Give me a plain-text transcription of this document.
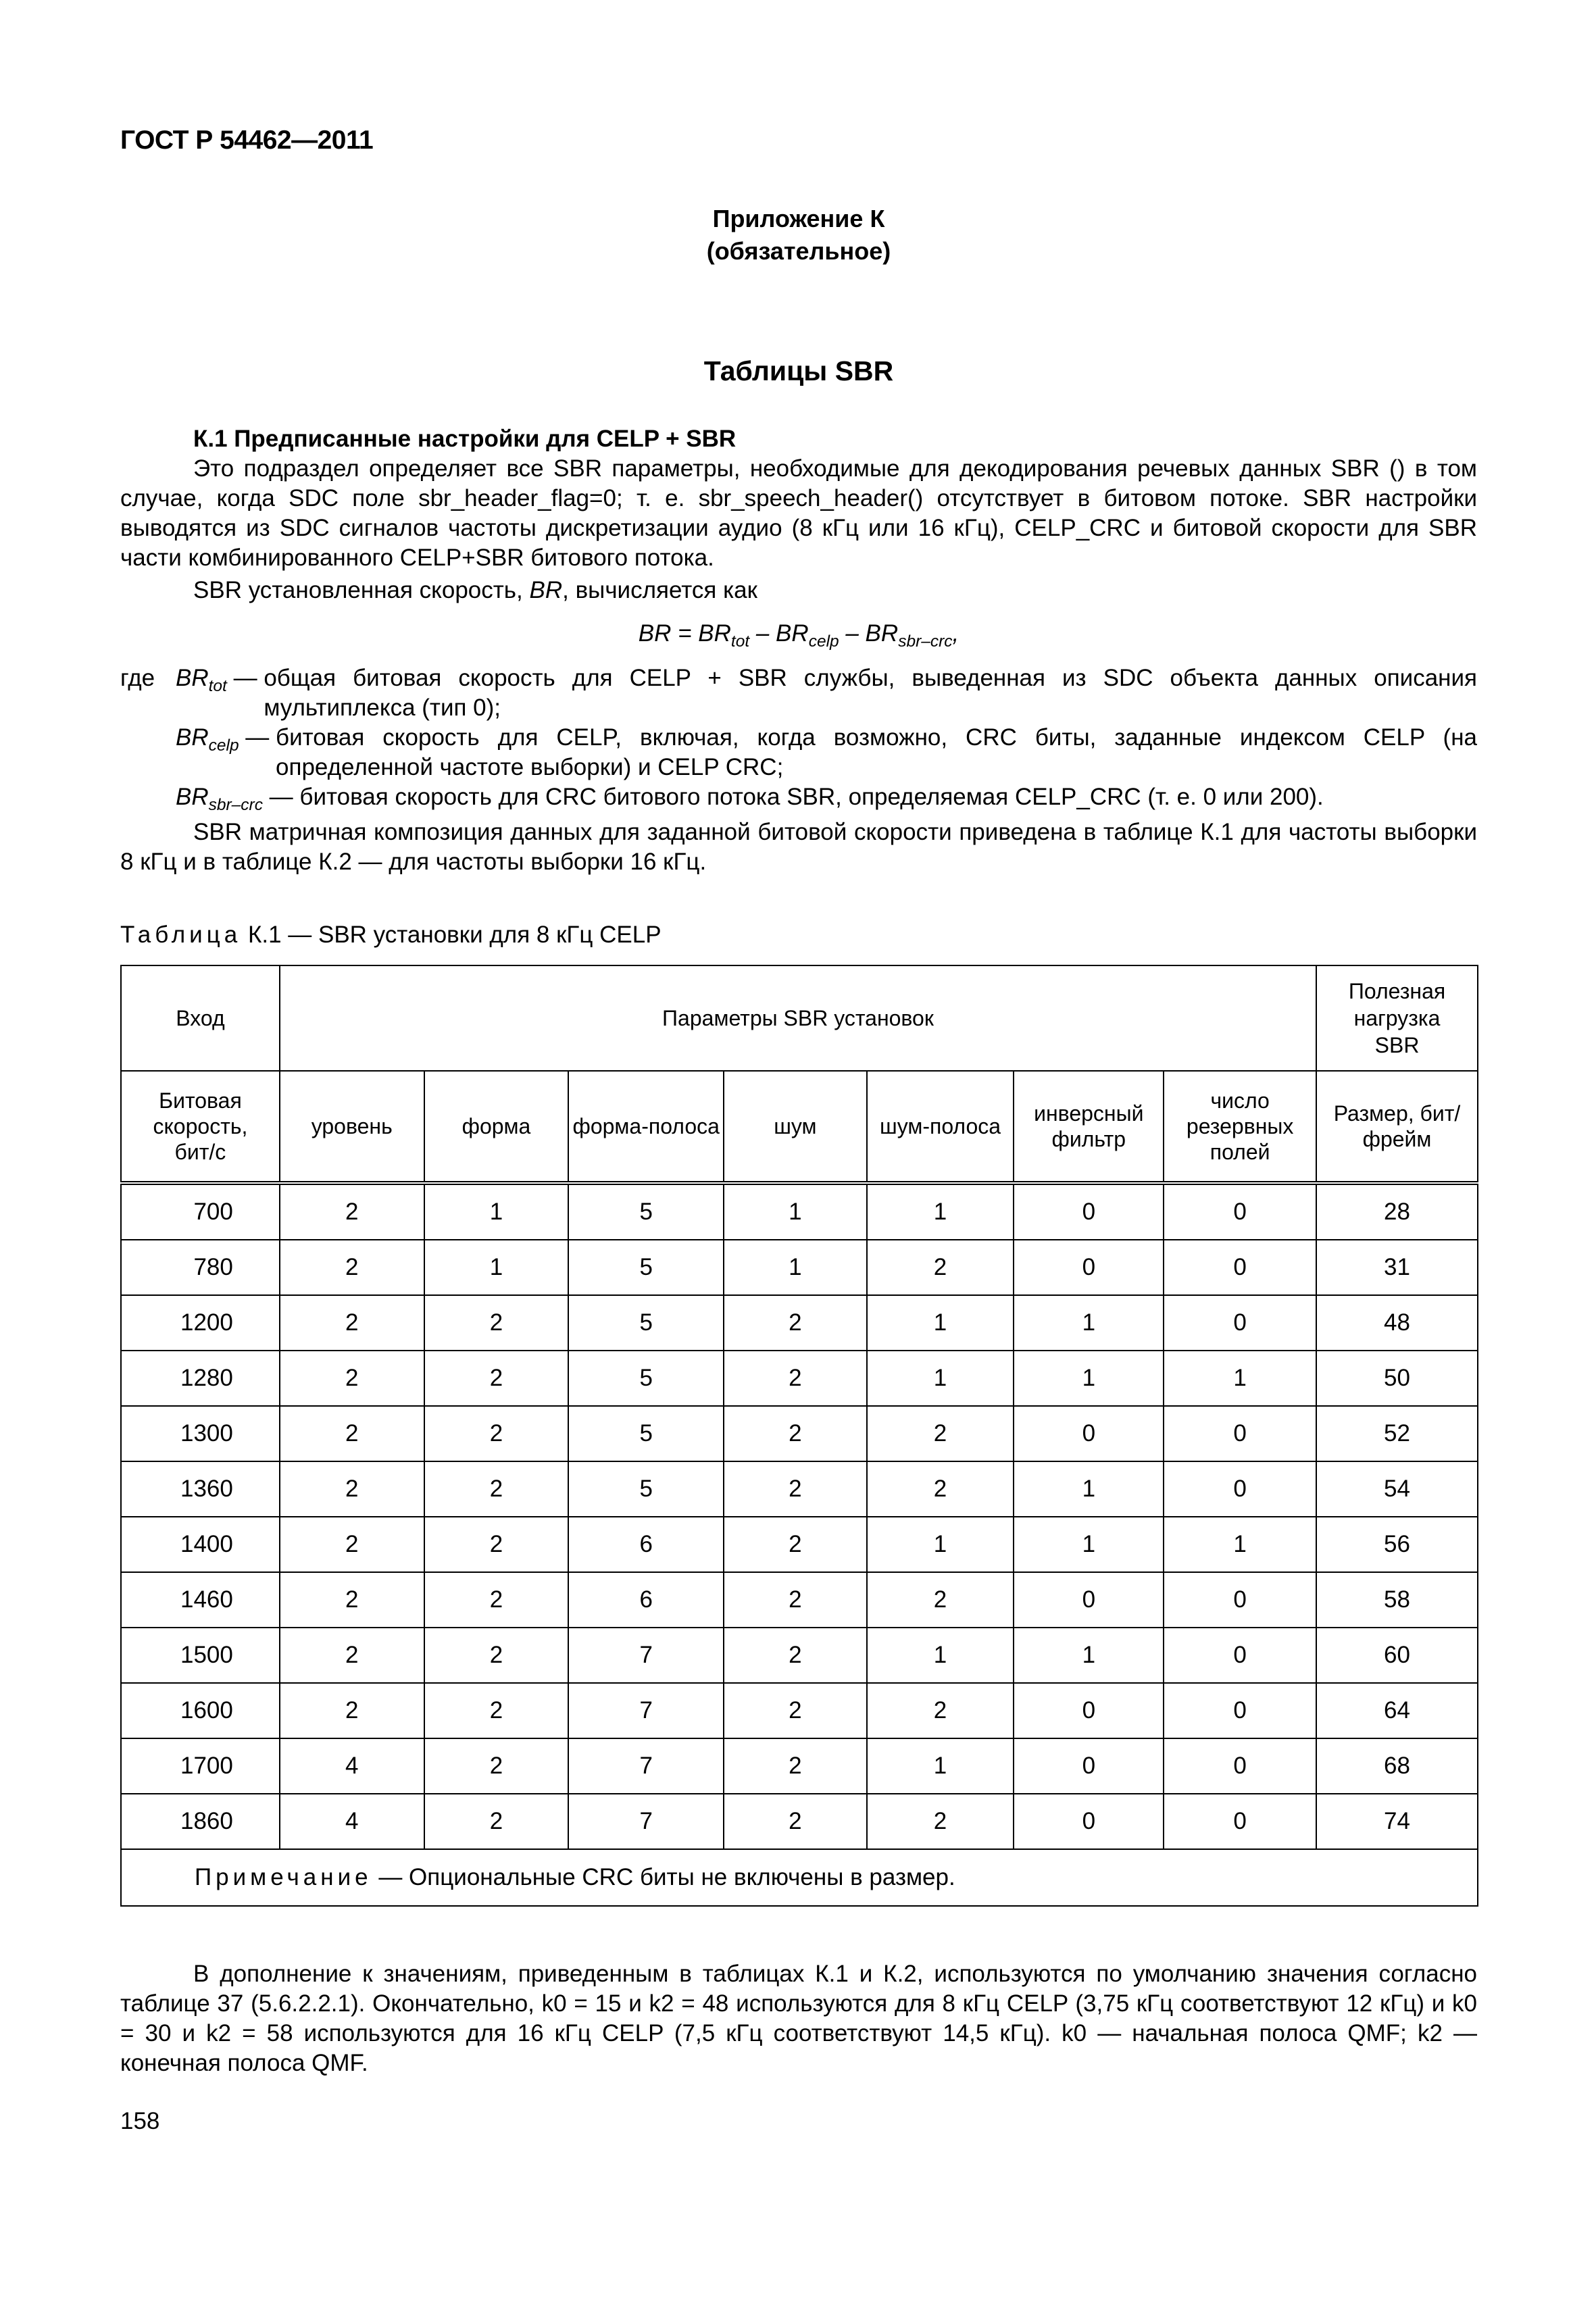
ГОСТ Р 54462—2011
Приложение К
(обязательное)
Таблицы SBR
К.1 Предписанные настройки для CELP + SBR
Это подраздел определяет все SBR параметры, необходимые для декодирования речевых данных SBR () в том случае, когда SDC поле sbr_header_flag=0; т. е. sbr_speech_header() отсутствует в битовом потоке. SBR настройки выводятся из SDC сигналов частоты дискретизации аудио (8 кГц или 16 кГц), CELP_CRC и битовой скорости для SBR части комбинированного CELP+SBR битового потока.
SBR установленная скорость, BR, вычисляется как
BR = $BR_{tot} - BR_{celp} - BR_{sbr-crc}$,
где $BR_{tot}$ — общая битовая скорость для CELP + SBR службы, выведенная из SDC объекта данных описания мультиплекса (тип 0);
$BR_{celp}$ — битовая скорость для CELP, включая, когда возможно, CRC биты, заданные индексом CELP (на определенной частоте выборки) и CELP CRC;
$BR_{sbr-crc}$ — битовая скорость для CRC битового потока SBR, определяемая CELP_CRC (т. е. 0 или 200).
SBR матричная композиция данных для заданной битовой скорости приведена в таблице К.1 для частоты выборки 8 кГц и в таблице К.2 — для частоты выборки 16 кГц.
Таблица К.1 — SBR установки для 8 кГц CELP
Вход	Параметры SBR установок							Полезная нагрузка SBR

Битовая скорость, бит/с	уровень	форма	форма-полоса	шум	шум-полоса	инверсный фильтр	число резервных полей	Размер, бит/фрейм
700	2	1	5	1	1	0	0	28
780	2	1	5	1	2	0	0	31
1200	2	2	5	2	1	1	0	48
1280	2	2	5	2	1	1	1	50
1300	2	2	5	2	2	0	0	52
1360	2	2	5	2	2	1	0	54
1400	2	2	6	2	1	1	1	56
1460	2	2	6	2	2	0	0	58
1500	2	2	7	2	1	1	0	60
1600	2	2	7	2	2	0	0	64
1700	4	2	7	2	1	0	0	68
1860	4	2	7	2	2	0	0	74
Примечание — Опциональные CRC биты не включены в размер.								
В дополнение к значениям, приведенным в таблицах К.1 и К.2, используются по умолчанию значения согласно таблице 37 (5.6.2.2.1). Окончательно, k0 = 15 и k2 = 48 используются для 8 кГц CELP (3,75 кГц соответствуют 12 кГц) и k0 = 30 и k2 = 58 используются для 16 кГц CELP (7,5 кГц соответствуют 14,5 кГц). k0 — начальная полоса QMF; k2 — конечная полоса QMF.
158
